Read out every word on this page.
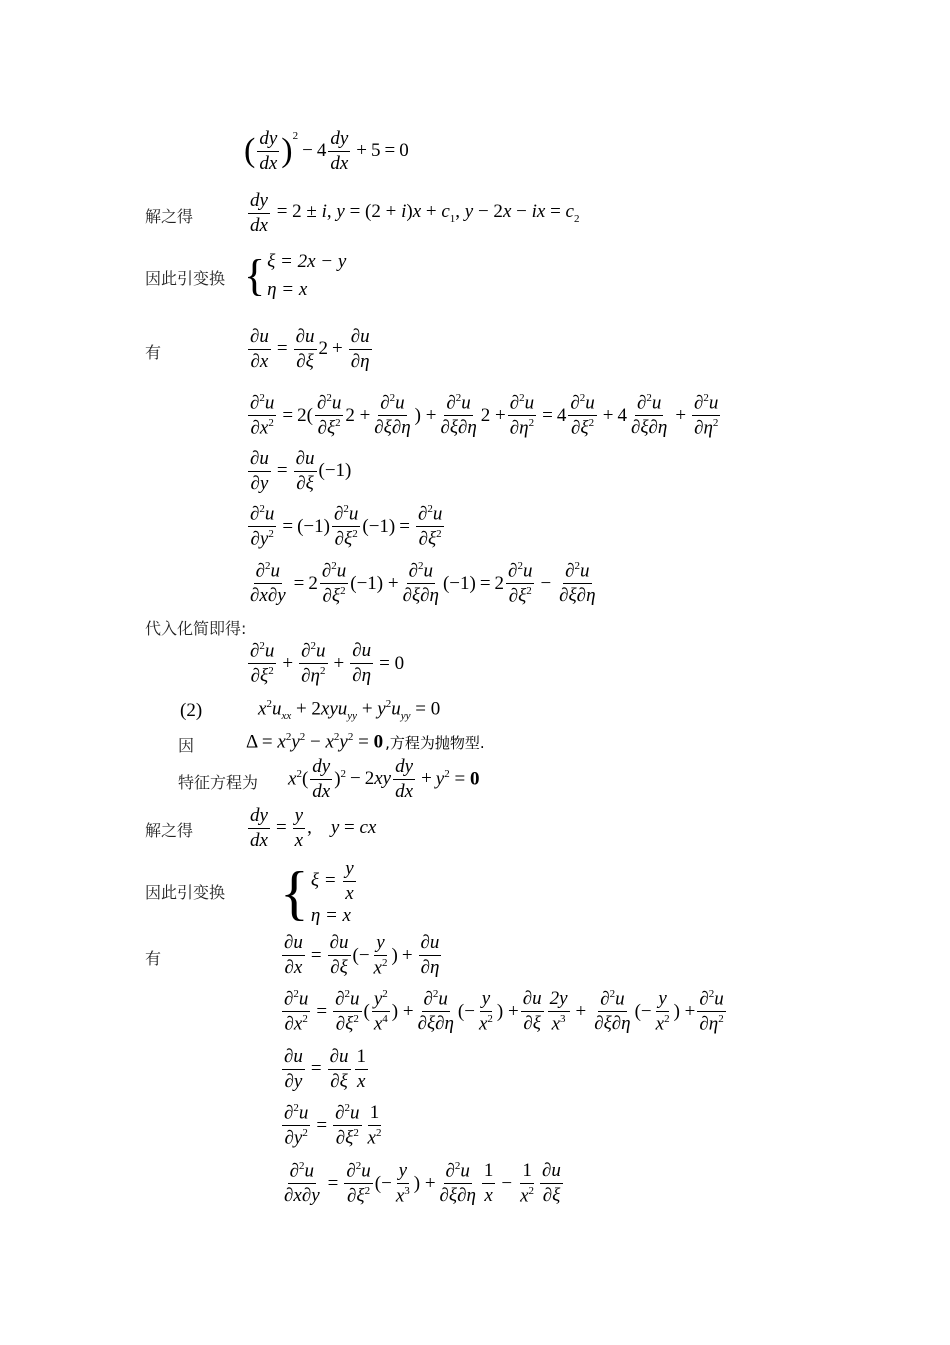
( dy
dx )$^2$
− 4
dy
dx
+ 5 = 0
解之得	$\frac{dy}{dx} = 2 \pm i$, $y = (2 + i)x + c_1$, y − 2x − ix = $c_2$
因此引变换 { ξ = 2x − y
η = x
有	$\frac{\partial u}{\partial x} = \frac{\partial u}{\partial\xi} 2 + \frac{\partial u}{\partial\eta}$
$\frac{\partial^2u}{\partial x^2} = 2$(
∂$^2$u
$\partial\xi^2$ $2 + \frac{\partial^2u}{\partial\xi\partial\eta}$ ) + $\frac{\partial^2u}{\partial\xi\partial\eta} 2 + \frac{\partial^2u}{\partial\eta^2} = 4$
∂$^2$u
$\partial\xi^2 + 4$
∂$^2$u
∂ξ∂η
+ $\frac{\partial^2u}{\partial\eta^2}$
$\frac{\partial u}{\partial y} = \frac{\partial u}{\partial\xi} (-1)$
$\frac{\partial^2u}{\partial y^2} = (-1)$
∂$^2$u
$\partial\xi^2$ $(-1) = \frac{\partial^2u}{\partial\xi^2}$
$\frac{\partial^2u}{\partial x\partial y} = 2$
∂$^2$u
$\partial\xi^2$ $(-1) + \frac{\partial^2u}{\partial\xi\partial\eta} (-1) = 2$
∂$^2$u
$\partial\xi^2 - \frac{\partial^2u}{\partial\xi\partial\eta}$
代入化简即得:
∂$^2$u
$\partial\xi^2 + \frac{\partial^2u}{\partial\eta^2} + \frac{\partial u}{\partial\eta} = 0$
(2)	$x^2u_{xx} + 2xyu_{yy} + y^2u_{yy} = 0$
因	$\Delta = x^2y^2 - x^2y^2 = 0$ ,方程为抛物型.
特征方程为 $x^2$(
dy
dx
)$^2$ − 2xy
dy
dx
+ $y^2 = 0$
解之得	$\frac{dy}{dx} = \frac{y}{x}$ ,    y = cx
因此引变换 { ξ =
y
x
η = x
有	$\frac{\partial u}{\partial x} = \frac{\partial u}{\partial\xi}$ (− $\frac{y}{x^2}$ ) + $\frac{\partial u}{\partial\eta}$
$\frac{\partial^2u}{\partial x^2} = \frac{\partial^2u}{\partial\xi^2}$ (
$y^2$
$x^4$ ) + $\frac{\partial^2u}{\partial\xi\partial\eta}$ (− $\frac{y}{x^2}$ ) + $\frac{\partial u}{\partial\xi} 2y$
$x^3 + \frac{\partial^2u}{\partial\xi\partial\eta}$ (− $\frac{y}{x^2}$ ) + $\frac{\partial^2u}{\partial\eta^2}$
$\frac{\partial u}{\partial y} = \frac{\partial u}{\partial\xi} 1$
x
$\frac{\partial^2u}{\partial y^2} = \frac{\partial^2u}{\partial\xi^2} 1$
$x^2$
$\frac{\partial^2u}{\partial x\partial y} = \frac{\partial^2u}{\partial\xi^2}$ (− $\frac{y}{x^3}$ ) + $\frac{\partial^2u}{\partial\xi\partial\eta} 1$
x
− $\frac{1}{x^2} \partial u$
∂ξ
